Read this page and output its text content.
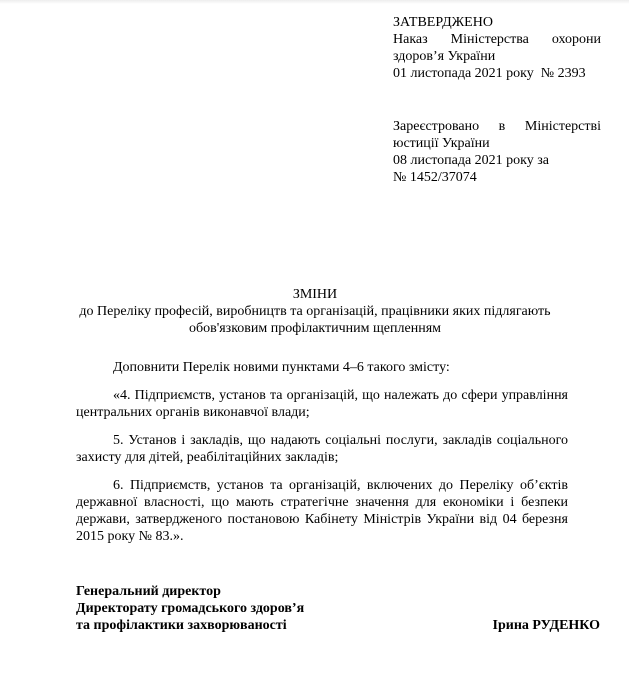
ЗАТВЕРДЖЕНО
Наказ Міністерства охорони здоров’я України
01 листопада 2021 року  № 2393
Зареєстровано в Міністерстві юстиції України
08 листопада 2021 року за
№ 1452/37074
ЗМІНИ
до Переліку професій, виробництв та організацій, працівники яких підлягають обов'язковим профілактичним щепленням

Доповнити Перелік новими пунктами 4–6 такого змісту:

«4. Підприємств, установ та організацій, що належать до сфери управління центральних органів виконавчої влади;

5. Установ і закладів, що надають соціальні послуги, закладів соціального захисту для дітей, реабілітаційних закладів;

6. Підприємств, установ та організацій, включених до Переліку об’єктів державної власності, що мають стратегічне значення для економіки і безпеки держави, затвердженого постановою Кабінету Міністрів України від 04 березня 2015 року № 83.».

Генеральний директор
Директорату громадського здоров’я
та профілактики захворюваності	Ірина РУДЕНКО
